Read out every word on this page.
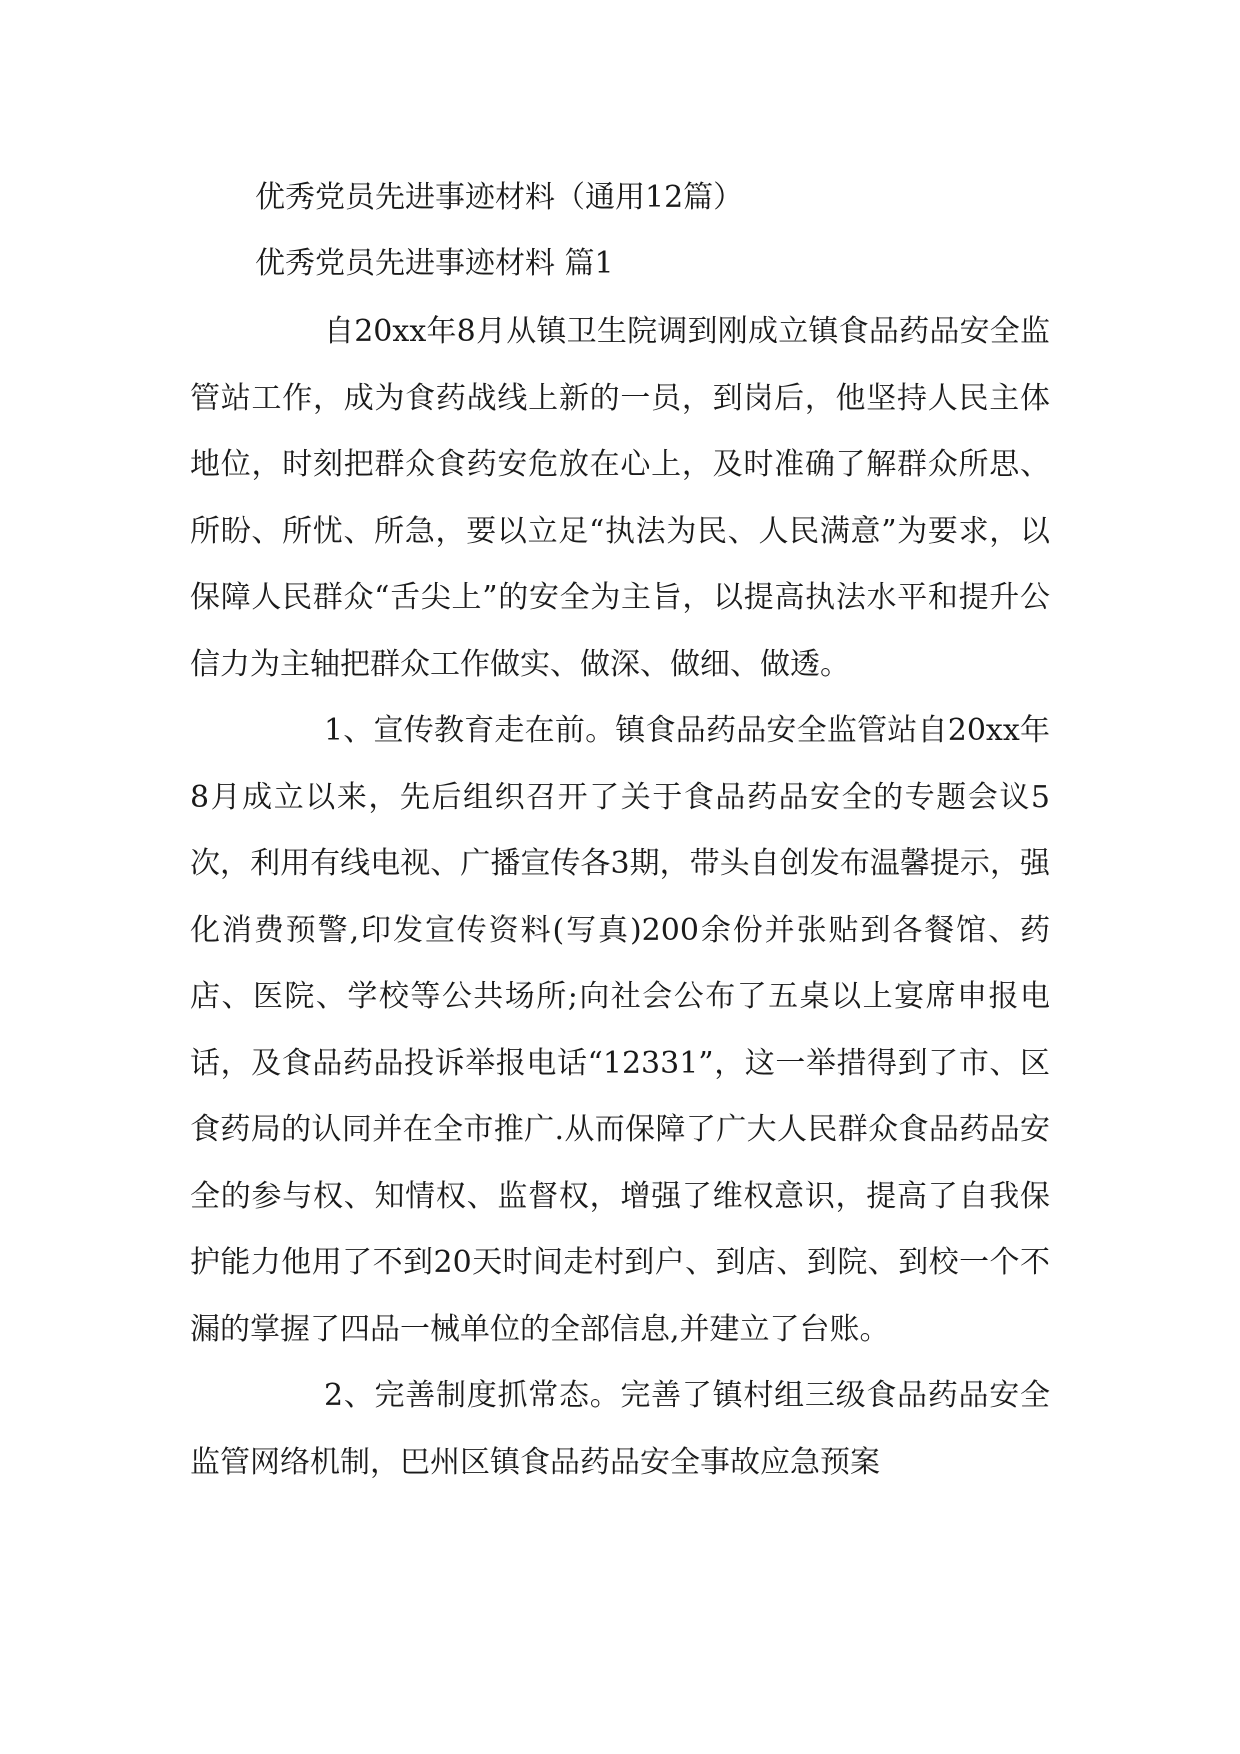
优秀党员先进事迹材料（通用12篇）
优秀党员先进事迹材料 篇1

自20xx年8月从镇卫生院调到刚成立镇食品药品安全监管站工作，成为食药战线上新的一员，到岗后，他坚持人民主体地位，时刻把群众食药安危放在心上，及时准确了解群众所思、所盼、所忧、所急，要以立足“执法为民、人民满意”为要求，以保障人民群众“舌尖上”的安全为主旨，以提高执法水平和提升公信力为主轴把群众工作做实、做深、做细、做透。

1、宣传教育走在前。镇食品药品安全监管站自20xx年8月成立以来，先后组织召开了关于食品药品安全的专题会议5次，利用有线电视、广播宣传各3期，带头自创发布温馨提示，强化消费预警,印发宣传资料(写真)200余份并张贴到各餐馆、药店、医院、学校等公共场所;向社会公布了五桌以上宴席申报电话，及食品药品投诉举报电话“12331”，这一举措得到了市、区食药局的认同并在全市推广.从而保障了广大人民群众食品药品安全的参与权、知情权、监督权，增强了维权意识，提高了自我保护能力他用了不到20天时间走村到户、到店、到院、到校一个不漏的掌握了四品一械单位的全部信息,并建立了台账。

2、完善制度抓常态。完善了镇村组三级食品药品安全监管网络机制，巴州区镇食品药品安全事故应急预案
